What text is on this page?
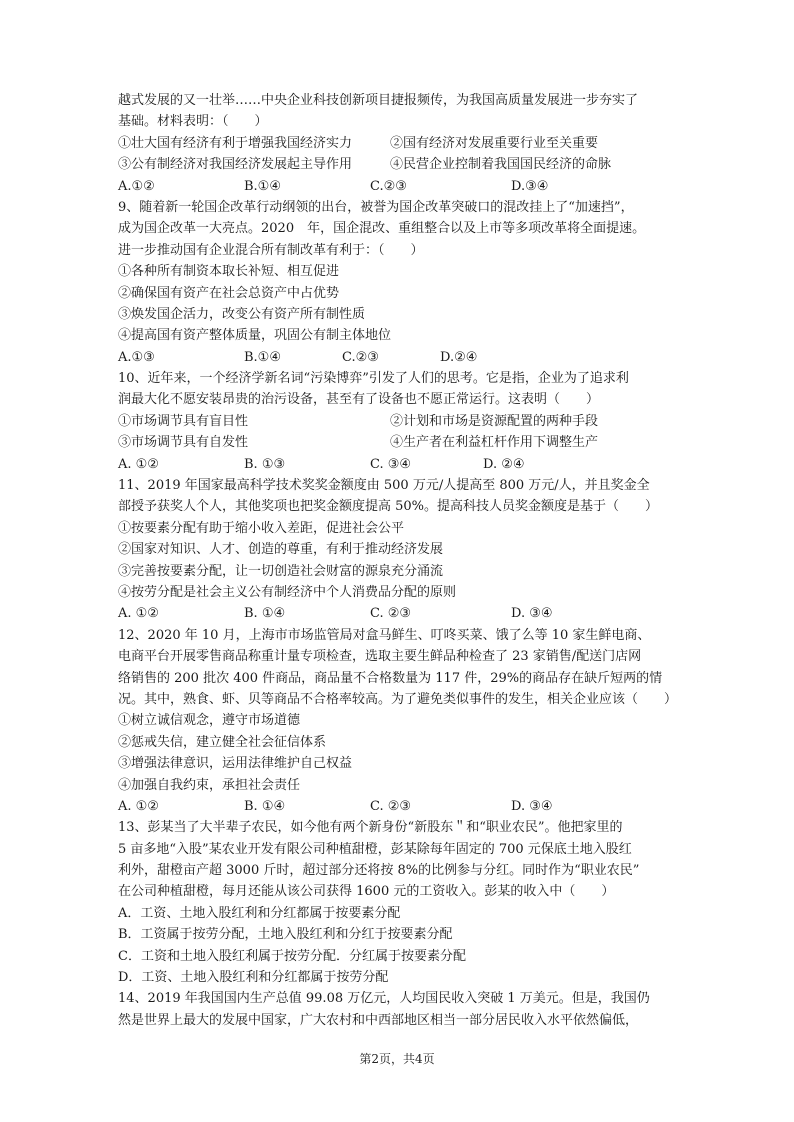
越式发展的又一壮举……中央企业科技创新项目捷报频传，为我国高质量发展进一步夯实了
基础。材料表明：（　　）
①壮大国有经济有利于增强我国经济实力	②国有经济对发展重要行业至关重要
③公有制经济对我国经济发展起主导作用	④民营企业控制着我国国民经济的命脉
A.①②	B.①④	C.②③	D.③④
9、随着新一轮国企改革行动纲领的出台，被誉为国企改革突破口的混改挂上了“加速挡”，
成为国企改革一大亮点。2020　年，国企混改、重组整合以及上市等多项改革将全面提速。
进一步推动国有企业混合所有制改革有利于：（　　）
①各种所有制资本取长补短、相互促进
②确保国有资产在社会总资产中占优势
③焕发国企活力，改变公有资产所有制性质
④提高国有资产整体质量，巩固公有制主体地位
A.①③	B.①④	C.②③	D.②④
10、近年来，一个经济学新名词“污染博弈”引发了人们的思考。它是指，企业为了追求利
润最大化不愿安装昂贵的治污设备，甚至有了设备也不愿正常运行。这表明（　　）
①市场调节具有盲目性	②计划和市场是资源配置的两种手段
③市场调节具有自发性	④生产者在利益杠杆作用下调整生产
A. ①②	B. ①③	C. ③④	D. ②④
11、2019 年国家最高科学技术奖奖金额度由 500 万元/人提高至 800 万元/人，并且奖金全
部授予获奖人个人，其他奖项也把奖金额度提高 50%。提高科技人员奖金额度是基于（　　）
①按要素分配有助于缩小收入差距，促进社会公平
②国家对知识、人才、创造的尊重，有利于推动经济发展
③完善按要素分配，让一切创造社会财富的源泉充分涌流
④按劳分配是社会主义公有制经济中个人消费品分配的原则
A. ①②	B. ①④	C. ②③	D. ③④
12、2020 年 10 月，上海市市场监管局对盒马鲜生、叮咚买菜、饿了么等 10 家生鲜电商、
电商平台开展零售商品称重计量专项检查，选取主要生鲜品种检查了 23 家销售/配送门店网
络销售的 200 批次 400 件商品，商品量不合格数量为 117 件，29%的商品存在缺斤短两的情
况。其中，熟食、虾、贝等商品不合格率较高。为了避免类似事件的发生，相关企业应该（　　）
①树立诚信观念，遵守市场道德
②惩戒失信，建立健全社会征信体系
③增强法律意识，运用法律维护自己权益
④加强自我约束，承担社会责任
A. ①②	B. ①④	C. ②③	D. ③④
13、彭某当了大半辈子农民，如今他有两个新身份“新股东＂和“职业农民”。他把家里的
5 亩多地“入股”某农业开发有限公司种植甜橙，彭某除每年固定的 700 元保底土地入股红
利外，甜橙亩产超 3000 斤时，超过部分还将按 8%的比例参与分红。同时作为“职业农民”
在公司种植甜橙，每月还能从该公司获得 1600 元的工资收入。彭某的收入中（　　）
A．工资、土地入股红利和分红都属于按要素分配
B．工资属于按劳分配，土地入股红利和分红于按要素分配
C．工资和土地入股红利属于按劳分配．分红属于按要素分配
D．工资、土地入股红利和分红都属于按劳分配
14、2019 年我国国内生产总值 99.08 万亿元，人均国民收入突破 1 万美元。但是，我国仍
然是世界上最大的发展中国家，广大农村和中西部地区相当一部分居民收入水平依然偏低，
第2页，共4页
